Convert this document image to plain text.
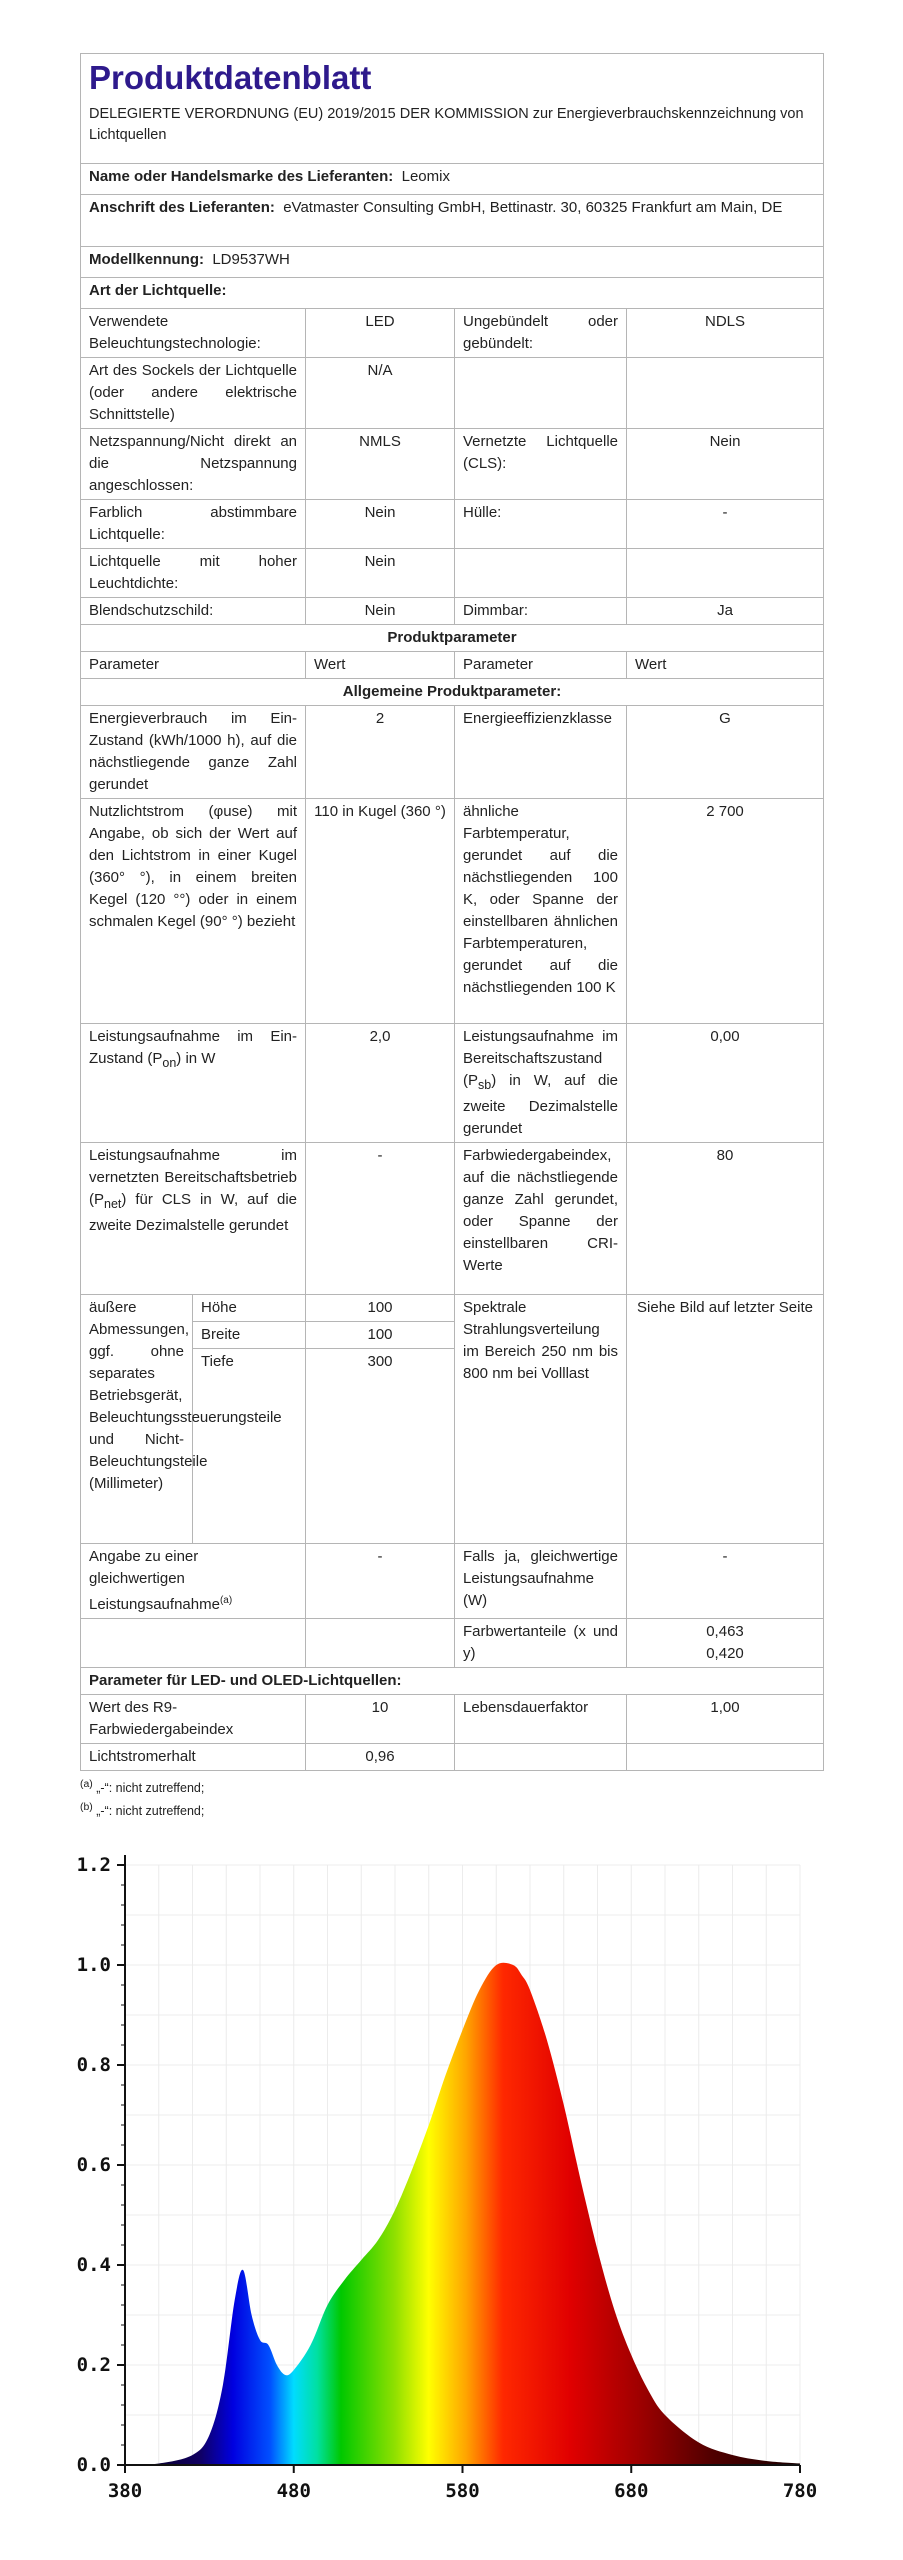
Produktdatenblatt
DELEGIERTE VERORDNUNG (EU) 2019/2015 DER KOMMISSION zur Energieverbrauchskennzeichnung von Lichtquellen				

Name oder Handelsmarke des Lieferanten: Leomix				
Anschrift des Lieferanten: eVatmaster Consulting GmbH, Bettinastr. 30, 60325 Frankfurt am Main, DE				
Modellkennung: LD9537WH				
Art der Lichtquelle:				
Verwendete Beleuchtungstechnologie:		LED	Ungebündelt oder gebündelt:	NDLS
Art des Sockels der Lichtquelle (oder andere elektrische Schnittstelle)		N/A		
Netzspannung/Nicht direkt an die Netzspannung angeschlossen:		NMLS	Vernetzte Lichtquelle (CLS):	Nein
Farblich abstimmbare Lichtquelle:		Nein	Hülle:	-
Lichtquelle mit hoher Leuchtdichte:		Nein		
Blendschutzschild:		Nein	Dimmbar:	Ja
Produktparameter				
Parameter		Wert	Parameter	Wert
Allgemeine Produktparameter:				
Energieverbrauch im Ein-Zustand (kWh/1000 h), auf die nächstliegende ganze Zahl gerundet		2	Energieeffizienzklasse	G
Nutzlichtstrom (φuse) mit Angabe, ob sich der Wert auf den Lichtstrom in einer Kugel (360° °), in einem breiten Kegel (120 °°) oder in einem schmalen Kegel (90° °) bezieht		110 in Kugel (360 °)	ähnliche Farbtemperatur, gerundet auf die nächstliegenden 100 K, oder Spanne der einstellbaren ähnlichen Farbtemperaturen, gerundet auf die nächstliegenden 100 K	2 700
Leistungsaufnahme im Ein-Zustand $(P_{on})$ in W		2,0	Leistungsaufnahme im Bereitschaftszustand $(P_{sb})$ in W, auf die zweite Dezimalstelle gerundet	0,00
Leistungsaufnahme im vernetzten Bereitschaftsbetrieb $(P_{net})$ für CLS in W, auf die zweite Dezimalstelle gerundet		-	Farbwiedergabeindex, auf die nächstliegende ganze Zahl gerundet, oder Spanne der einstellbaren CRI-Werte	80
äußere Abmessungen, ggf. ohne separates Betriebsgerät, Beleuchtungssteuerungsteile und Nicht-Beleuchtungsteile (Millimeter)	Höhe	100	Spektrale Strahlungsverteilung im Bereich 250 nm bis 800 nm bei Volllast	Siehe Bild auf letzter Seite
	Breite	100		
	Tiefe	300		
Angabe zu einer gleichwertigen Leistungsaufnahme$^{(a)}$		-	Falls ja, gleichwertige Leistungsaufnahme (W)	-
			Farbwertanteile (x und y)	0,463
0,420

Parameter für LED- und OLED-Lichtquellen:				
Wert des R9-Farbwiedergabeindex		10	Lebensdauerfaktor	1,00
Lichtstromerhalt		0,96		
$^{(a)}$ „-“: nicht zutreffend;
$^{(b)}$ „-“: nicht zutreffend;
0.0
0.2
0.4
0.6
0.8
1.0
1.2
380	480	580	680	780
